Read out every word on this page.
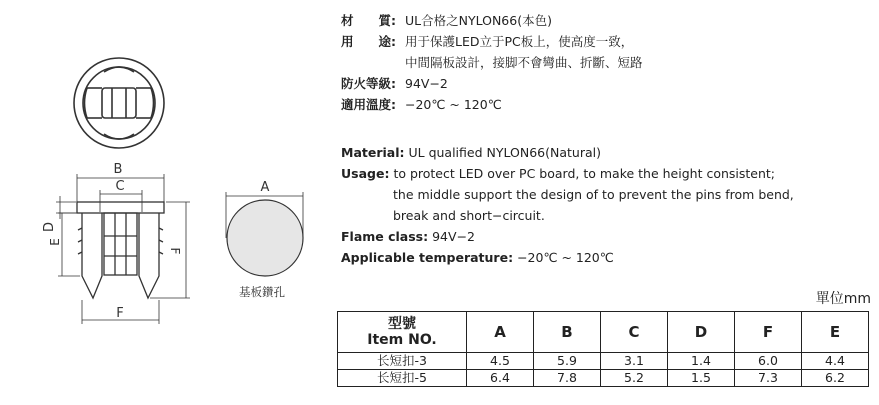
B
C
D
E
F
F
A
基板鑽孔
材　　質: UL合格之NYLON66(本色)
用　　途: 用于保護LED立于PC板上，使高度一致，
中間隔板設計，接脚不會彎曲、折斷、短路
防火等級: 94V−2
適用溫度: −20℃ ~ 120℃
Material: UL qualified NYLON66(Natural)
Usage: to protect LED over PC board, to make the height consistent;
the middle support the design of to prevent the pins from bend,
break and short−circuit.
Flame class: 94V−2
Applicable temperature: −20℃ ~ 120℃
單位mm
型號
Item NO.	A	B	C	D	F	E
长短扣-3	4.5	5.9	3.1	1.4	6.0	4.4
长短扣-5	6.4	7.8	5.2	1.5	7.3	6.2
